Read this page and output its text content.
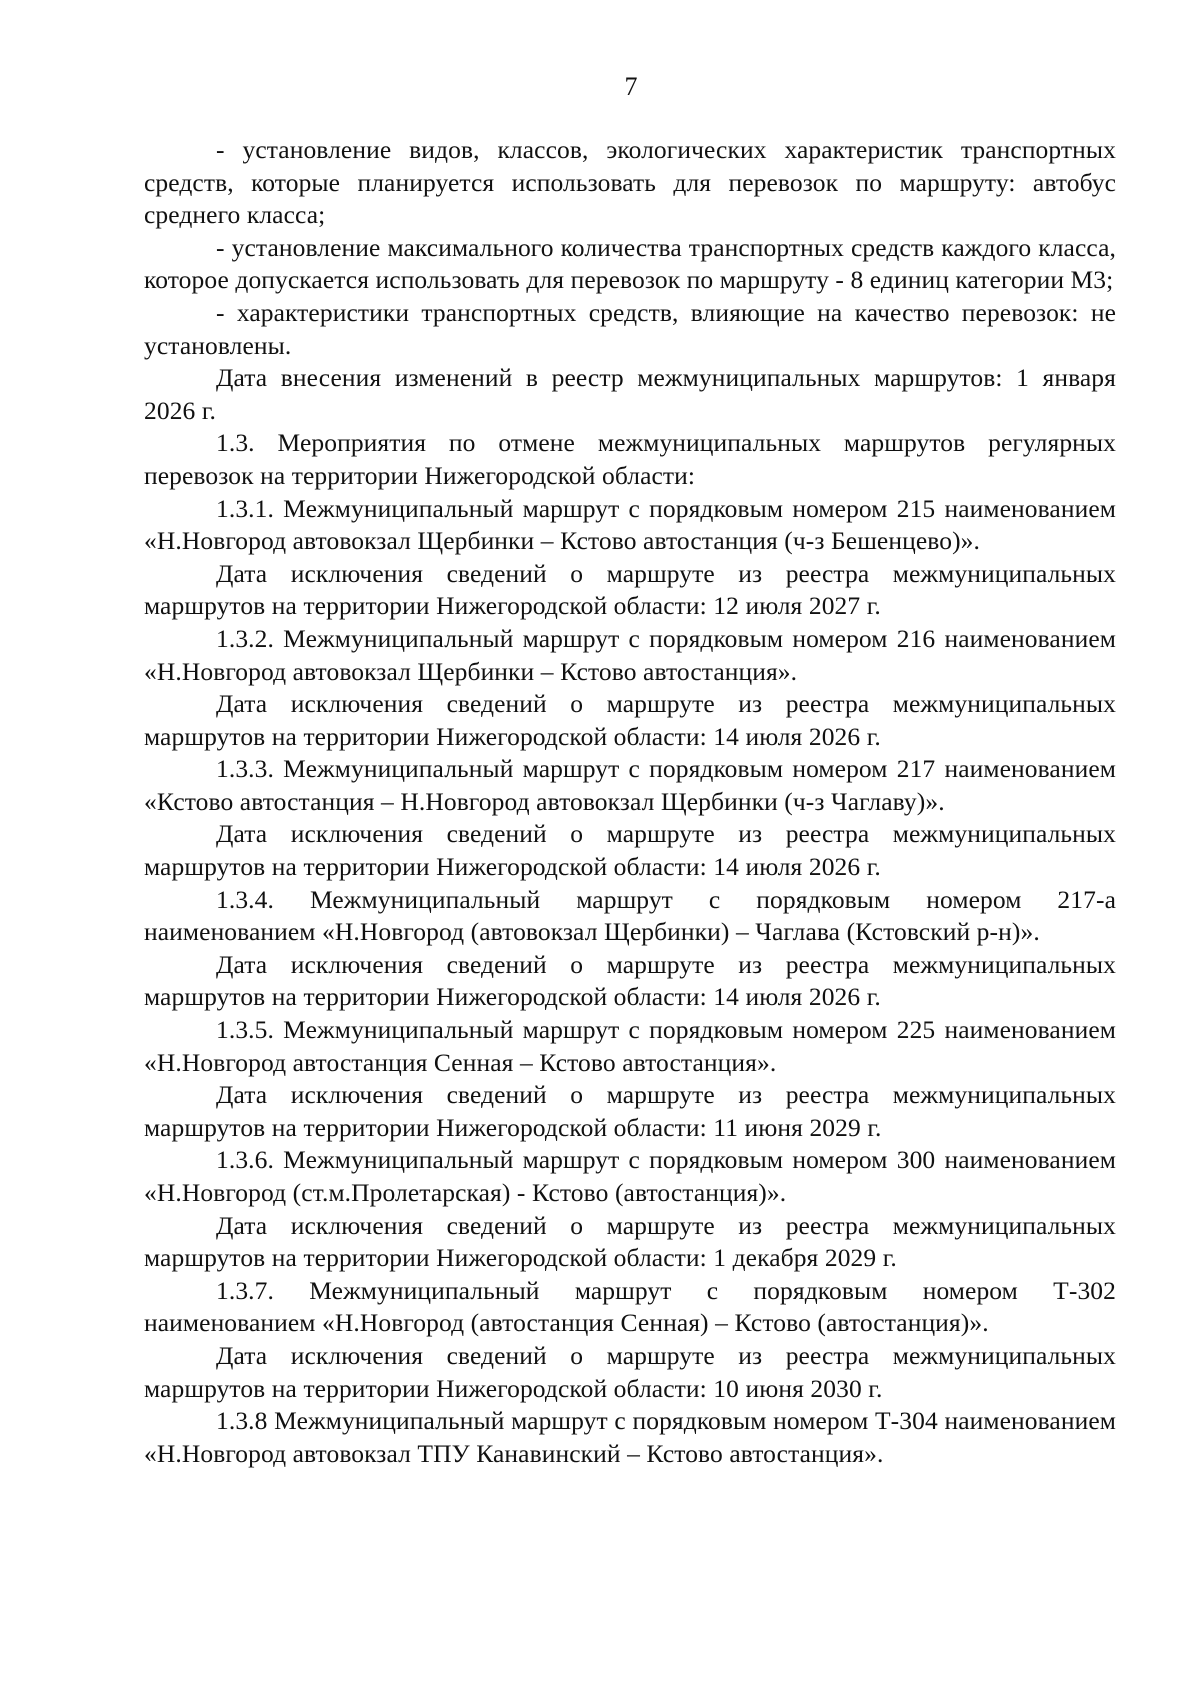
7

- установление видов, классов, экологических характеристик транспортных средств, которые планируется использовать для перевозок по маршруту: автобус среднего класса;

- установление максимального количества транспортных средств каждого класса, которое допускается использовать для перевозок по маршруту - 8 единиц категории М3;

- характеристики транспортных средств, влияющие на качество перевозок: не установлены.

Дата внесения изменений в реестр межмуниципальных маршрутов: 1 января 2026 г.

1.3. Мероприятия по отмене межмуниципальных маршрутов регулярных перевозок на территории Нижегородской области:

1.3.1. Межмуниципальный маршрут с порядковым номером 215 наименованием «Н.Новгород автовокзал Щербинки – Кстово автостанция (ч-з Бешенцево)».

Дата исключения сведений о маршруте из реестра межмуниципальных маршрутов на территории Нижегородской области: 12 июля 2027 г.

1.3.2. Межмуниципальный маршрут с порядковым номером 216 наименованием «Н.Новгород автовокзал Щербинки – Кстово автостанция».

Дата исключения сведений о маршруте из реестра межмуниципальных маршрутов на территории Нижегородской области: 14 июля 2026 г.

1.3.3. Межмуниципальный маршрут с порядковым номером 217 наименованием «Кстово автостанция – Н.Новгород автовокзал Щербинки (ч-з Чаглаву)».

Дата исключения сведений о маршруте из реестра межмуниципальных маршрутов на территории Нижегородской области: 14 июля 2026 г.

1.3.4. Межмуниципальный маршрут с порядковым номером 217-а наименованием «Н.Новгород (автовокзал Щербинки) – Чаглава (Кстовский р-н)».

Дата исключения сведений о маршруте из реестра межмуниципальных маршрутов на территории Нижегородской области: 14 июля 2026 г.

1.3.5. Межмуниципальный маршрут с порядковым номером 225 наименованием «Н.Новгород автостанция Сенная – Кстово автостанция».

Дата исключения сведений о маршруте из реестра межмуниципальных маршрутов на территории Нижегородской области: 11 июня 2029 г.

1.3.6. Межмуниципальный маршрут с порядковым номером 300 наименованием «Н.Новгород (ст.м.Пролетарская) - Кстово (автостанция)».

Дата исключения сведений о маршруте из реестра межмуниципальных маршрутов на территории Нижегородской области: 1 декабря 2029 г.

1.3.7. Межмуниципальный маршрут с порядковым номером Т-302 наименованием «Н.Новгород (автостанция Сенная) – Кстово (автостанция)».

Дата исключения сведений о маршруте из реестра межмуниципальных маршрутов на территории Нижегородской области: 10 июня 2030 г.

1.3.8 Межмуниципальный маршрут с порядковым номером Т-304 наименованием «Н.Новгород автовокзал ТПУ Канавинский – Кстово автостанция».
